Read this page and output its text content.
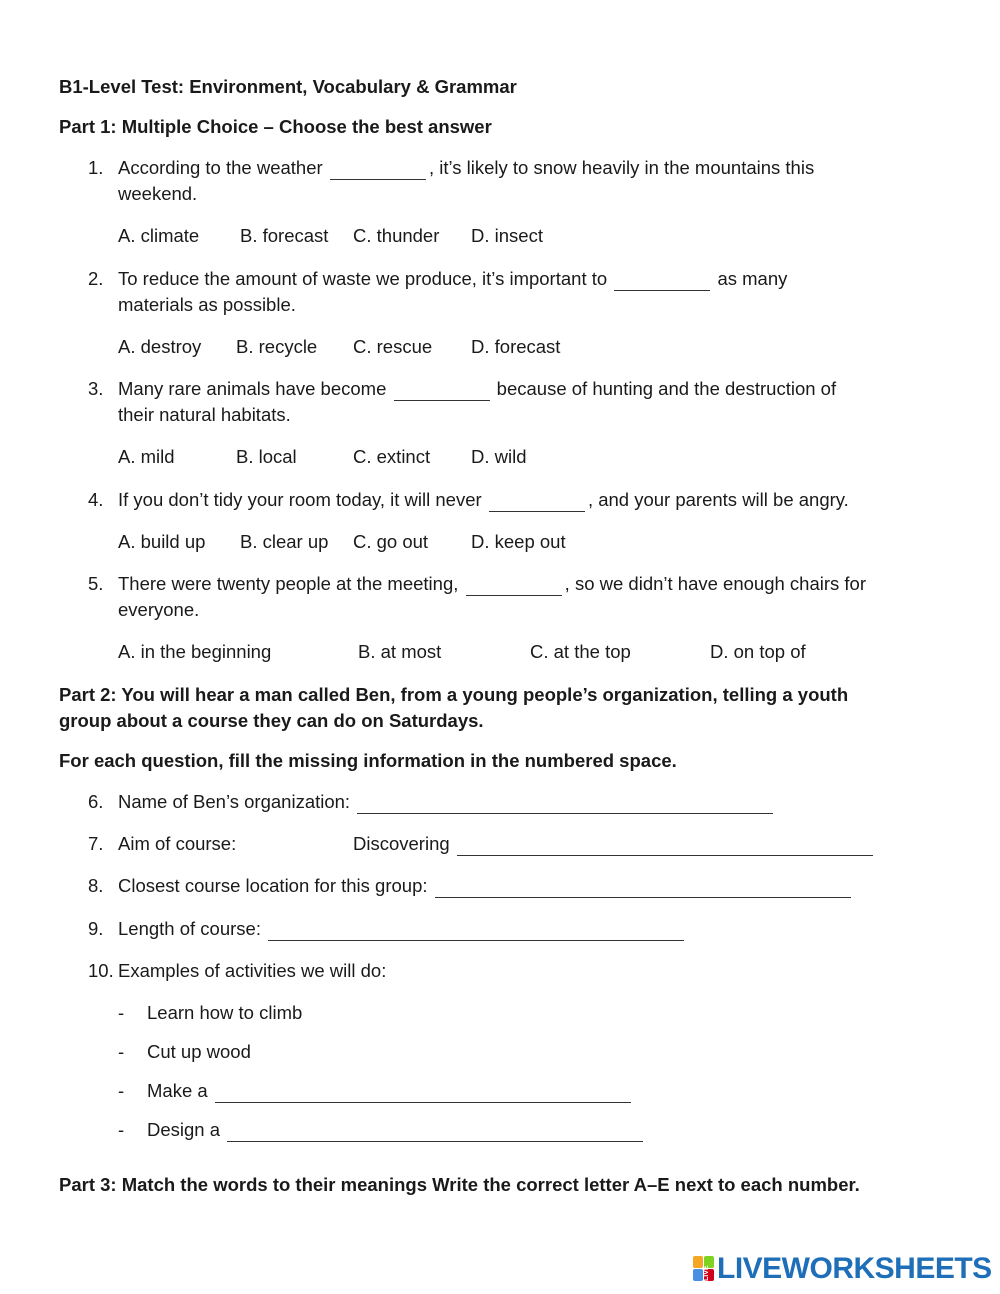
B1-Level Test: Environment, Vocabulary & Grammar
Part 1: Multiple Choice – Choose the best answer
1. According to the weather	, it’s likely to snow heavily in the mountains this
weekend.
A. climate B. forecast C. thunder D. insect
2. To reduce the amount of waste we produce, it’s important to	as many
materials as possible.
A. destroy B. recycle C. rescue D. forecast
3. Many rare animals have become	because of hunting and the destruction of
their natural habitats.
A. mild	B. local	C. extinct D. wild
4. If you don’t tidy your room today, it will never	, and your parents will be angry.
A. build up B. clear up C. go out D. keep out
5. There were twenty people at the meeting,	, so we didn’t have enough chairs for
everyone.
A. in the beginning	B. at most	C. at the top	D. on top of
Part 2: You will hear a man called Ben, from a young people’s organization, telling a youth
group about a course they can do on Saturdays.
For each question, fill the missing information in the numbered space.
6. Name of Ben’s organization:
7. Aim of course:	Discovering
8. Closest course location for this group:
9. Length of course:
10. Examples of activities we will do:
- Learn how to climb
- Cut up wood
- Make a
- Design a
Part 3: Match the words to their meanings Write the correct letter A–E next to each number.
LIVE LIVEWORKSHEETS
